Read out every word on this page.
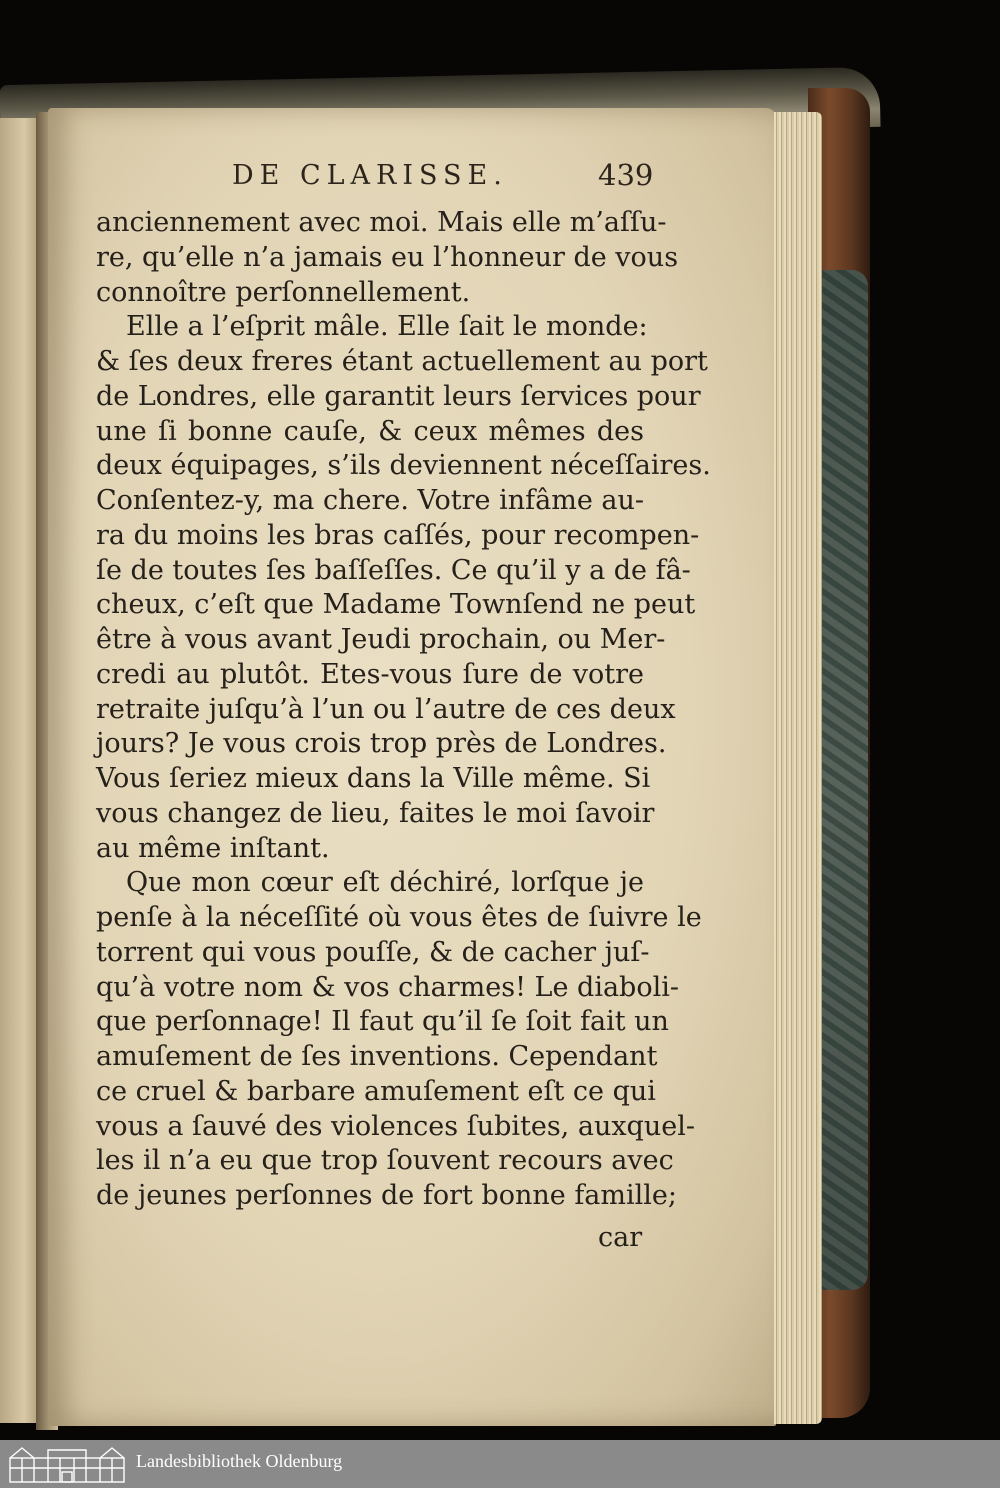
DE CLARISSE.	439
anciennement avec moi. Mais elle m’aſſu-
re, qu’elle n’a jamais eu l’honneur de vous
connoître perſonnellement.
Elle a l’eſprit mâle. Elle ſait le monde:
& ſes deux freres étant actuellement au port
de Londres, elle garantit leurs ſervices pour
une ſi bonne cauſe, & ceux mêmes des
deux équipages, s’ils deviennent néceſſaires.
Conſentez-y, ma chere. Votre infâme au-
ra du moins les bras caſſés, pour recompen-
ſe de toutes ſes baſſeſſes. Ce qu’il y a de fâ-
cheux, c’eſt que Madame Townſend ne peut
être à vous avant Jeudi prochain, ou Mer-
credi au plutôt. Etes-vous ſure de votre
retraite juſqu’à l’un ou l’autre de ces deux
jours? Je vous crois trop près de Londres.
Vous ſeriez mieux dans la Ville même. Si
vous changez de lieu, faites le moi ſavoir
au même inſtant.
Que mon cœur eſt déchiré, lorſque je
penſe à la néceſſité où vous êtes de ſuivre le
torrent qui vous pouſſe, & de cacher juſ-
qu’à votre nom & vos charmes! Le diaboli-
que perſonnage! Il faut qu’il ſe ſoit fait un
amuſement de ſes inventions. Cependant
ce cruel & barbare amuſement eſt ce qui
vous a ſauvé des violences ſubites, auxquel-
les il n’a eu que trop ſouvent recours avec
de jeunes perſonnes de fort bonne famille;
car
Landesbibliothek Oldenburg
